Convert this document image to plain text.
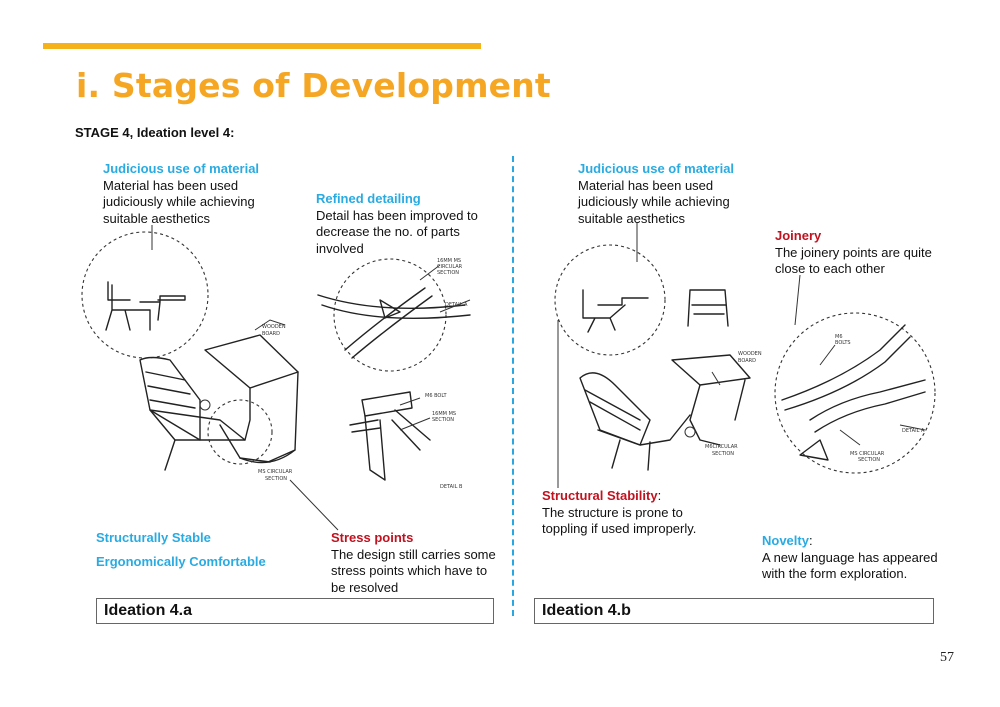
i. Stages of Development
STAGE 4, Ideation level 4:
WOODEN
BOARD
MS CIRCULAR
SECTION
16MM MS
CIRCULAR
SECTION
DETAIL A
M6 BOLT
16MM MS
SECTION
DETAIL B
WOODEN
BOARD
M6CIRCULAR
SECTION
M6
BOLTS
MS CIRCULAR
SECTION
DETAIL A
Judicious use of material
Material has been used
judiciously while achieving
suitable aesthetics
Refined detailing
Detail has been improved to
decrease the no. of parts
involved
Structurally Stable
Ergonomically Comfortable
Stress points
The design still carries some
stress points which have to
be resolved
Ideation 4.a
Judicious use of material
Material has been used
judiciously while achieving
suitable aesthetics
Joinery
The joinery points are quite
close to each other
Structural Stability:
The structure is prone to
toppling if used improperly.
Novelty:
A new language has appeared
with the form exploration.
Ideation 4.b
57
